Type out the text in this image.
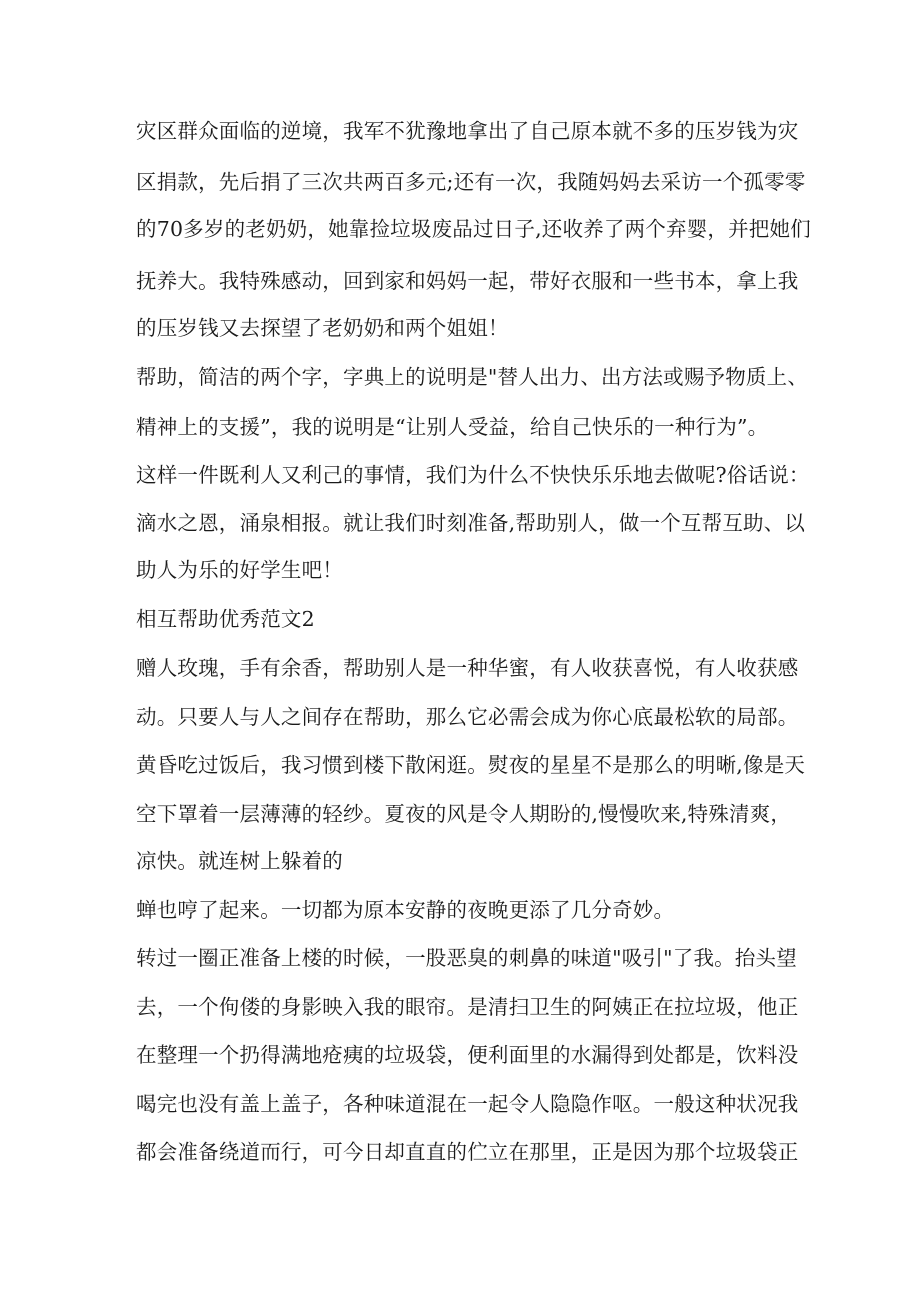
灾区群众面临的逆境，我军不犹豫地拿出了自己原本就不多的压岁钱为灾
区捐款，先后捐了三次共两百多元;还有一次，我随妈妈去采访一个孤零零
的70多岁的老奶奶，她靠捡垃圾废品过日子,还收养了两个弃婴，并把她们
抚养大。我特殊感动，回到家和妈妈一起，带好衣服和一些书本，拿上我
的压岁钱又去探望了老奶奶和两个姐姐！
帮助，简洁的两个字，字典上的说明是"替人出力、出方法或赐予物质上、
精神上的支援”，我的说明是“让别人受益，给自己快乐的一种行为”。
这样一件既利人又利己的事情，我们为什么不快快乐乐地去做呢?俗话说：
滴水之恩，涌泉相报。就让我们时刻准备,帮助别人，做一个互帮互助、以
助人为乐的好学生吧！
相互帮助优秀范文2
赠人玫瑰，手有余香，帮助别人是一种华蜜，有人收获喜悦，有人收获感
动。只要人与人之间存在帮助，那么它必需会成为你心底最松软的局部。
黄昏吃过饭后，我习惯到楼下散闲逛。熨夜的星星不是那么的明晰,像是天
空下罩着一层薄薄的轻纱。夏夜的风是令人期盼的,慢慢吹来,特殊清爽，
凉快。就连树上躲着的
蝉也哼了起来。一切都为原本安静的夜晚更添了几分奇妙。
转过一圈正准备上楼的时候，一股恶臭的刺鼻的味道"吸引"了我。抬头望
去，一个佝偻的身影映入我的眼帘。是清扫卫生的阿姨正在拉垃圾，他正
在整理一个扔得满地疮痍的垃圾袋，便利面里的水漏得到处都是，饮料没
喝完也没有盖上盖子，各种味道混在一起令人隐隐作呕。一般这种状况我
都会准备绕道而行，可今日却直直的伫立在那里，正是因为那个垃圾袋正
